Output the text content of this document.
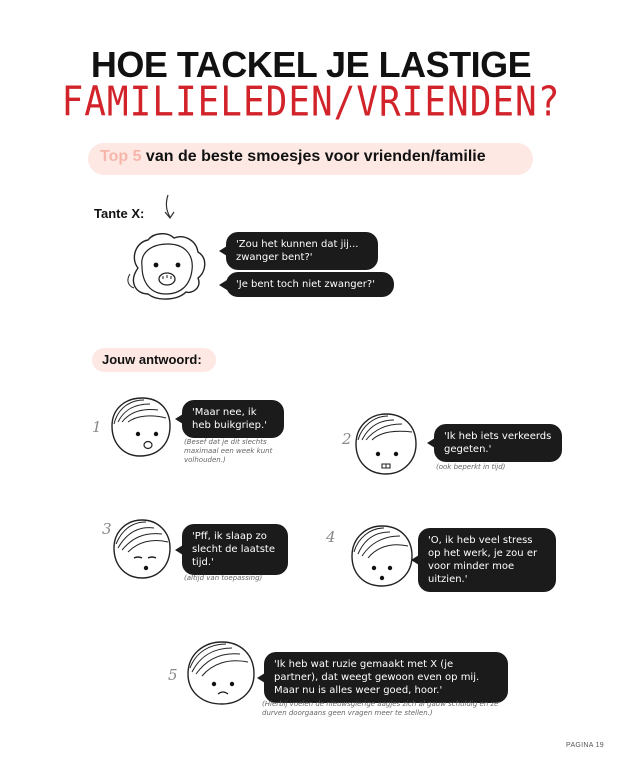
HOE TACKEL JE LASTIGE
FAMILIELEDEN/VRIENDEN?
Top 5 van de beste smoesjes voor vrienden/familie
Tante X:
'Zou het kunnen dat jij... zwanger bent?'
'Je bent toch niet zwanger?'
Jouw antwoord:
1
'Maar nee, ik heb buikgriep.'
(Besef dat je dit slechts maximaal een week kunt volhouden.)
2	'Ik heb iets verkeerds gegeten.'
(ook beperkt in tijd)
3	'Pff, ik slaap zo slecht de laatste tijd.'
(altijd van toepassing)
4	'O, ik heb veel stress op het werk, je zou er voor minder moe uitzien.'
5
'Ik heb wat ruzie gemaakt met X (je partner), dat weegt gewoon even op mij. Maar nu is alles weer goed, hoor.'
(Hierbij voelen de nieuwsgierige aagjes zich al gauw schuldig en ze durven doorgaans geen vragen meer te stellen.)
PAGINA 19
